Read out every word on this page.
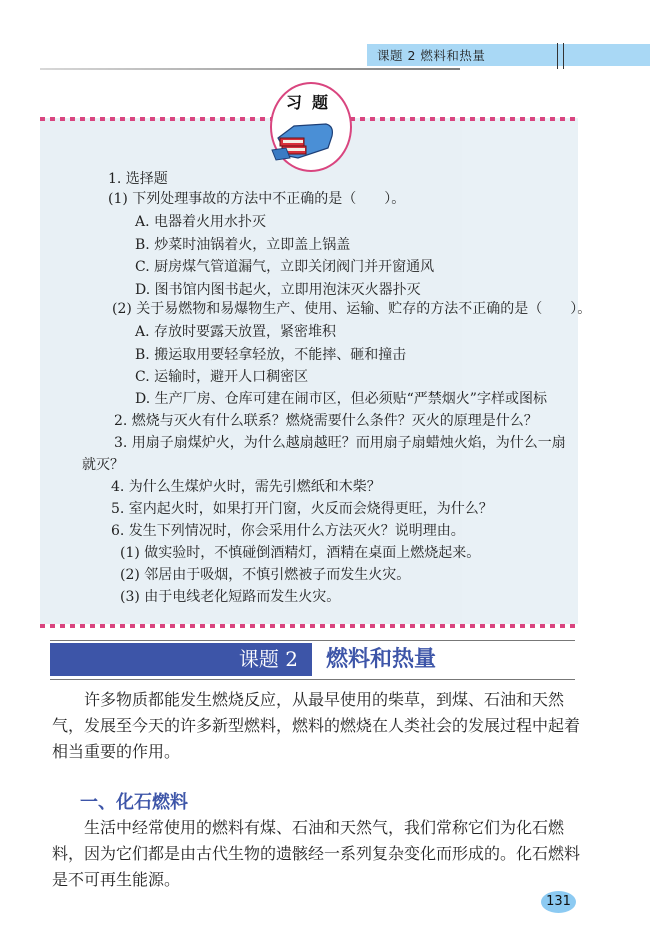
课题 2 燃料和热量
习题
1. 选择题
(1) 下列处理事故的方法中不正确的是（　　）。
A. 电器着火用水扑灭
B. 炒菜时油锅着火，立即盖上锅盖
C. 厨房煤气管道漏气，立即关闭阀门并开窗通风
D. 图书馆内图书起火，立即用泡沫灭火器扑灭
(2) 关于易燃物和易爆物生产、使用、运输、贮存的方法不正确的是（　　）。
A. 存放时要露天放置，紧密堆积
B. 搬运取用要轻拿轻放，不能摔、砸和撞击
C. 运输时，避开人口稠密区
D. 生产厂房、仓库可建在闹市区，但必须贴“严禁烟火”字样或图标
2. 燃烧与灭火有什么联系？燃烧需要什么条件？灭火的原理是什么？
3. 用扇子扇煤炉火，为什么越扇越旺？而用扇子扇蜡烛火焰，为什么一扇
就灭？
4. 为什么生煤炉火时，需先引燃纸和木柴？
5. 室内起火时，如果打开门窗，火反而会烧得更旺，为什么？
6. 发生下列情况时，你会采用什么方法灭火？说明理由。
(1) 做实验时，不慎碰倒酒精灯，酒精在桌面上燃烧起来。
(2) 邻居由于吸烟，不慎引燃被子而发生火灾。
(3) 由于电线老化短路而发生火灾。
课题 2	燃料和热量
许多物质都能发生燃烧反应，从最早使用的柴草，到煤、石油和天然气，发展至今天的许多新型燃料，燃料的燃烧在人类社会的发展过程中起着相当重要的作用。
一、化石燃料
生活中经常使用的燃料有煤、石油和天然气，我们常称它们为化石燃料，因为它们都是由古代生物的遗骸经一系列复杂变化而形成的。化石燃料是不可再生能源。
131
